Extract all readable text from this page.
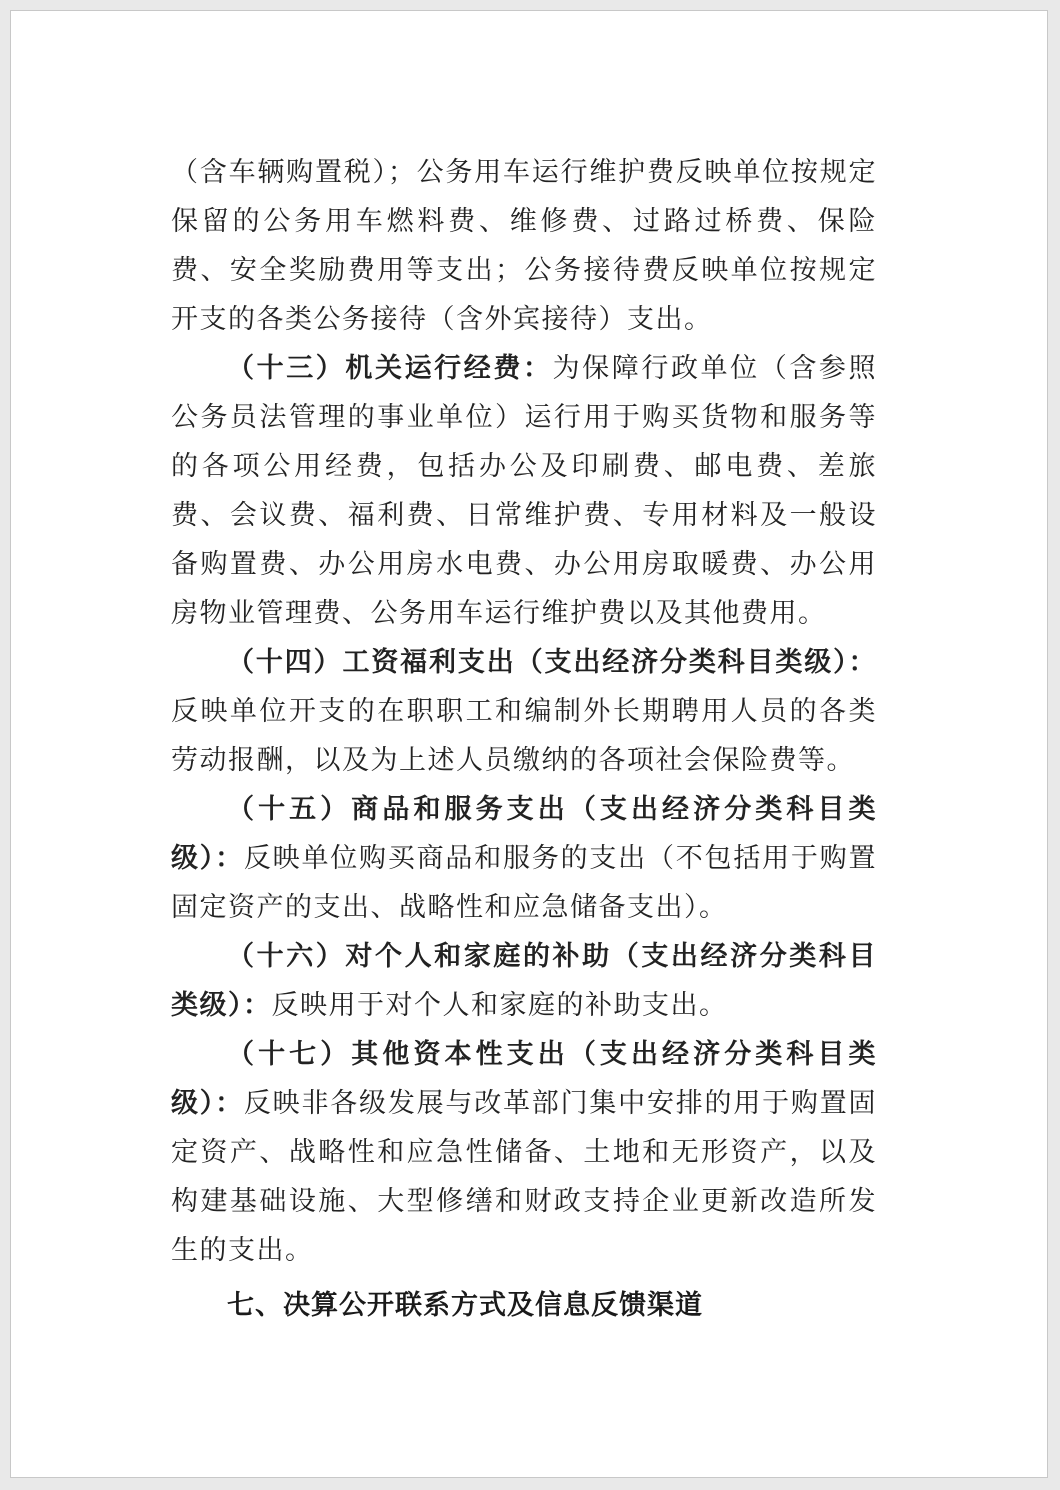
（含车辆购置税）；公务用车运行维护费反映单位按规定保留的公务用车燃料费、维修费、过路过桥费、保险费、安全奖励费用等支出；公务接待费反映单位按规定开支的各类公务接待（含外宾接待）支出。

（十三）机关运行经费：为保障行政单位（含参照公务员法管理的事业单位）运行用于购买货物和服务等的各项公用经费，包括办公及印刷费、邮电费、差旅费、会议费、福利费、日常维护费、专用材料及一般设备购置费、办公用房水电费、办公用房取暖费、办公用房物业管理费、公务用车运行维护费以及其他费用。

（十四）工资福利支出（支出经济分类科目类级）：反映单位开支的在职职工和编制外长期聘用人员的各类劳动报酬，以及为上述人员缴纳的各项社会保险费等。

（十五）商品和服务支出（支出经济分类科目类级）：反映单位购买商品和服务的支出（不包括用于购置固定资产的支出、战略性和应急储备支出）。

（十六）对个人和家庭的补助（支出经济分类科目类级）：反映用于对个人和家庭的补助支出。

（十七）其他资本性支出（支出经济分类科目类级）：反映非各级发展与改革部门集中安排的用于购置固定资产、战略性和应急性储备、土地和无形资产，以及构建基础设施、大型修缮和财政支持企业更新改造所发生的支出。

七、决算公开联系方式及信息反馈渠道
